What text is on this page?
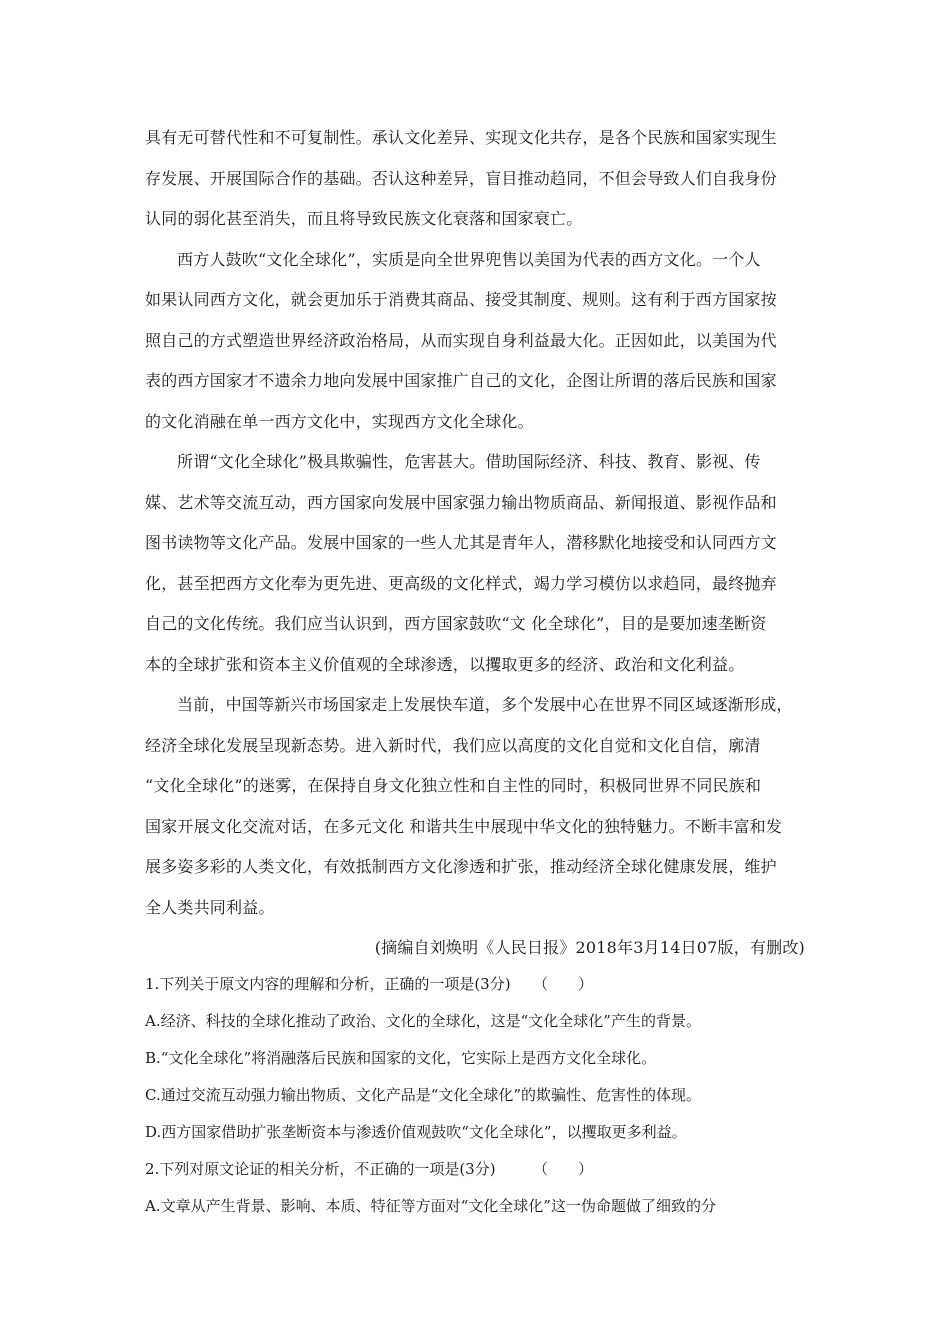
具有无可替代性和不可复制性。承认文化差异、实现文化共存，是各个民族和国家实现生
存发展、开展国际合作的基础。否认这种差异，盲目推动趋同，不但会导致人们自我身份
认同的弱化甚至消失，而且将导致民族文化衰落和国家衰亡。
西方人鼓吹“文化全球化”，实质是向全世界兜售以美国为代表的西方文化。一个人
如果认同西方文化，就会更加乐于消费其商品、接受其制度、规则。这有利于西方国家按
照自己的方式塑造世界经济政治格局，从而实现自身利益最大化。正因如此，以美国为代
表的西方国家才不遗余力地向发展中国家推广自己的文化，企图让所谓的落后民族和国家
的文化消融在单一西方文化中，实现西方文化全球化。
所谓“文化全球化”极具欺骗性，危害甚大。借助国际经济、科技、教育、影视、传
媒、艺术等交流互动，西方国家向发展中国家强力输出物质商品、新闻报道、影视作品和
图书读物等文化产品。发展中国家的一些人尤其是青年人，潜移默化地接受和认同西方文
化，甚至把西方文化奉为更先进、更高级的文化样式，竭力学习模仿以求趋同，最终抛弃
自己的文化传统。我们应当认识到，西方国家鼓吹“文 化全球化”，目的是要加速垄断资
本的全球扩张和资本主义价值观的全球渗透，以攫取更多的经济、政治和文化利益。
当前，中国等新兴市场国家走上发展快车道，多个发展中心在世界不同区域逐渐形成，
经济全球化发展呈现新态势。进入新时代，我们应以高度的文化自觉和文化自信，廓清
“文化全球化”的迷雾，在保持自身文化独立性和自主性的同时，积极同世界不同民族和
国家开展文化交流对话，在多元文化 和谐共生中展现中华文化的独特魅力。不断丰富和发
展多姿多彩的人类文化，有效抵制西方文化渗透和扩张，推动经济全球化健康发展，维护
全人类共同利益。
(摘编自刘焕明《人民日报》2018年3月14日07版，有删改)
1.下列关于原文内容的理解和分析，正确的一项是(3分)　　（　　）
A.经济、科技的全球化推动了政治、文化的全球化，这是“文化全球化”产生的背景。
B.“文化全球化”将消融落后民族和国家的文化，它实际上是西方文化全球化。
C.通过交流互动强力输出物质、文化产品是“文化全球化”的欺骗性、危害性的体现。
D.西方国家借助扩张垄断资本与渗透价值观鼓吹“文化全球化”，以攫取更多利益。
2.下列对原文论证的相关分析，不正确的一项是(3分)　　　（　　）
A.文章从产生背景、影响、本质、特征等方面对“文化全球化”这一伪命题做了细致的分
